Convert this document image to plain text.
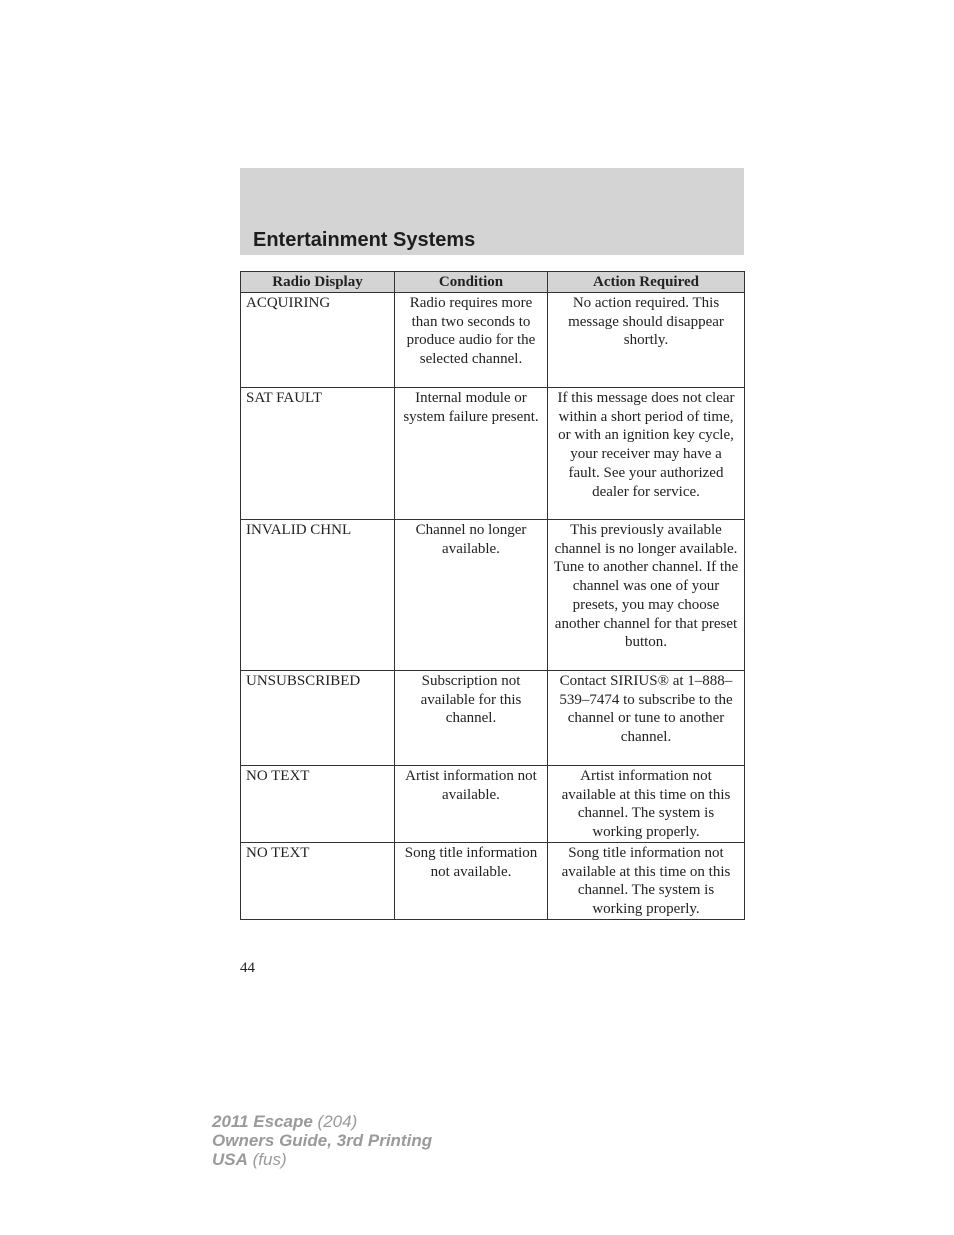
Entertainment Systems
Radio Display	Condition	Action Required
ACQUIRING	Radio requires more than two seconds to produce audio for the selected channel.	No action required. This message should disappear shortly.
SAT FAULT	Internal module or system failure present.	If this message does not clear within a short period of time, or with an ignition key cycle, your receiver may have a fault. See your authorized dealer for service.
INVALID CHNL	Channel no longer available.	This previously available channel is no longer available. Tune to another channel. If the channel was one of your presets, you may choose another channel for that preset button.
UNSUBSCRIBED	Subscription not available for this channel.	Contact SIRIUS® at 1–888–539–7474 to subscribe to the channel or tune to another channel.
NO TEXT	Artist information not available.	Artist information not available at this time on this channel. The system is working properly.
NO TEXT	Song title information not available.	Song title information not available at this time on this channel. The system is working properly.
44
2011 Escape (204)
Owners Guide, 3rd Printing
USA (fus)
